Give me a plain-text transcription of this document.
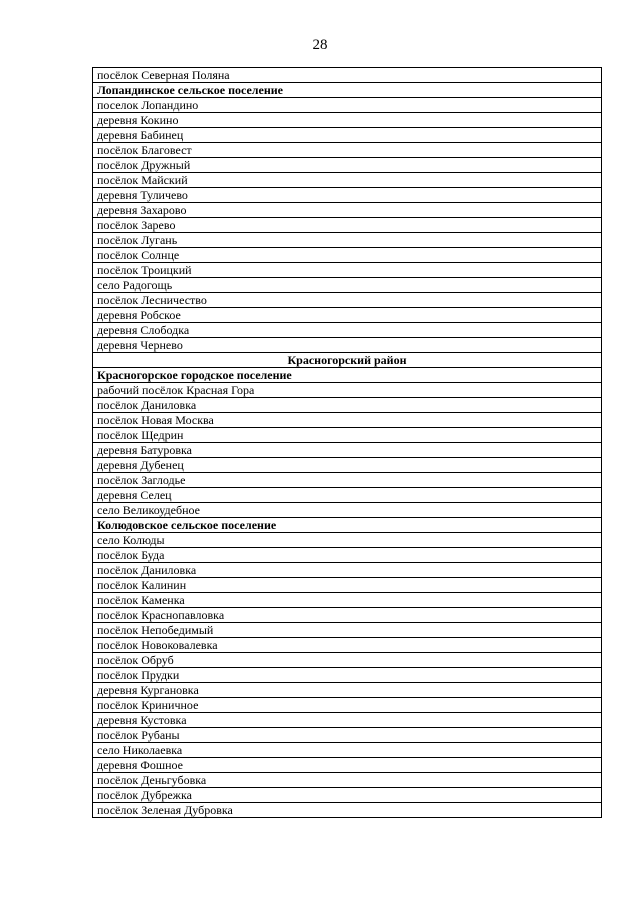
28
посёлок Северная Поляна
Лопандинское сельское поселение
поселок Лопандино
деревня Кокино
деревня Бабинец
посёлок Благовест
посёлок Дружный
посёлок Майский
деревня Туличево
деревня Захарово
посёлок Зарево
посёлок Лугань
посёлок Солнце
посёлок Троицкий
село Радогощь
посёлок Лесничество
деревня Робское
деревня Слободка
деревня Чернево
Красногорский район
Красногорское городское поселение
рабочий посёлок Красная Гора
посёлок Даниловка
посёлок Новая Москва
посёлок Щедрин
деревня Батуровка
деревня Дубенец
посёлок Заглодье
деревня Селец
село Великоудебное
Колюдовское сельское поселение
село Колюды
посёлок Буда
посёлок Даниловка
посёлок Калинин
посёлок Каменка
посёлок Краснопавловка
посёлок Непобедимый
посёлок Новоковалевка
посёлок Обруб
посёлок Прудки
деревня Кургановка
посёлок Криничное
деревня Кустовка
посёлок Рубаны
село Николаевка
деревня Фошное
посёлок Деньгубовка
посёлок Дубрежка
посёлок Зеленая Дубровка
